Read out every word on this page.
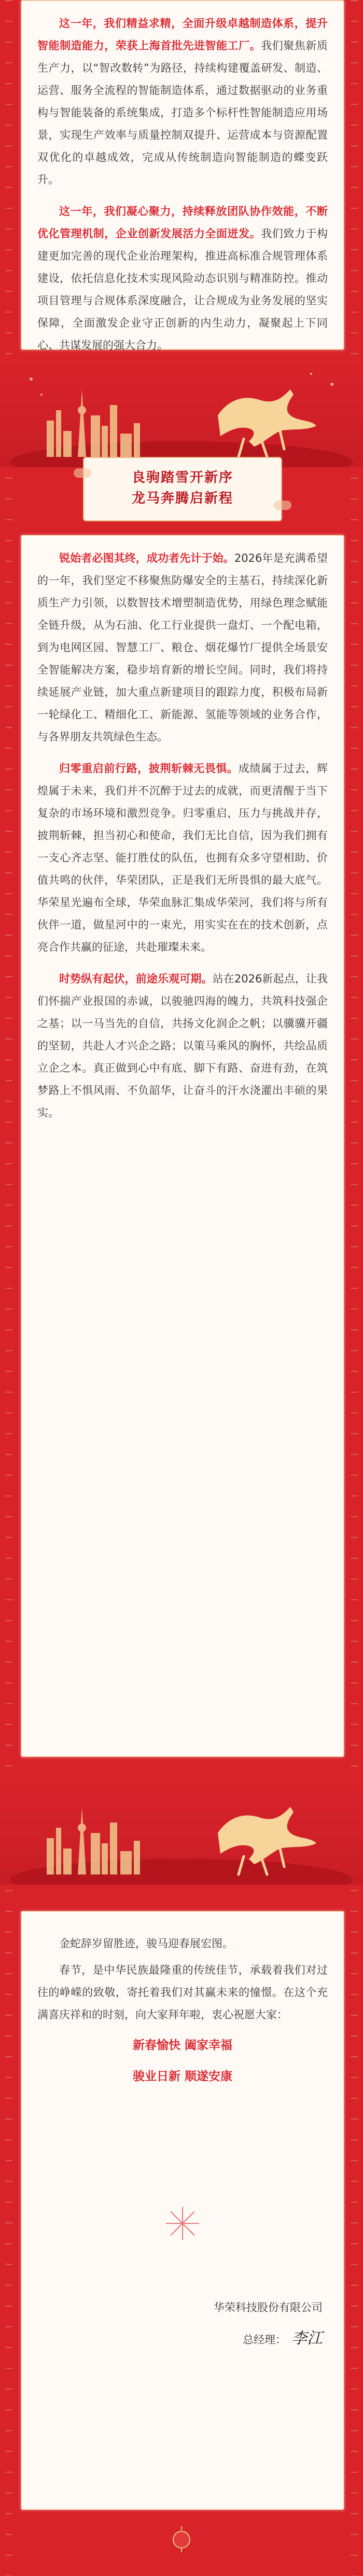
这一年，我们精益求精，全面升级卓越制造体系，提升智能制造能力，荣获上海首批先进智能工厂。我们聚焦新质生产力，以“智改数转”为路径，持续构建覆盖研发、制造、运营、服务全流程的智能制造体系，通过数据驱动的业务重构与智能装备的系统集成，打造多个标杆性智能制造应用场景，实现生产效率与质量控制双提升、运营成本与资源配置双优化的卓越成效，完成从传统制造向智能制造的蝶变跃升。

这一年，我们凝心聚力，持续释放团队协作效能，不断优化管理机制，企业创新发展活力全面迸发。我们致力于构建更加完善的现代企业治理架构，推进高标准合规管理体系建设，依托信息化技术实现风险动态识别与精准防控。推动项目管理与合规体系深度融合，让合规成为业务发展的坚实保障，全面激发企业守正创新的内生动力，凝聚起上下同心、共谋发展的强大合力。

良驹踏雪开新序
龙马奔腾启新程

锐始者必图其终，成功者先计于始。2026年是充满希望的一年，我们坚定不移聚焦防爆安全的主基石，持续深化新质生产力引领，以数智技术增塑制造优势，用绿色理念赋能全链升级，从为石油、化工行业提供一盘灯、一个配电箱，到为电网区园、智慧工厂、粮仓、烟花爆竹厂提供全场景安全智能解决方案，稳步培育新的增长空间。同时，我们将持续延展产业链，加大重点新建项目的跟踪力度，积极布局新一轮绿化工、精细化工、新能源、氢能等领域的业务合作，与各界朋友共筑绿色生态。

归零重启前行路，披荆斩棘无畏惧。成绩属于过去，辉煌属于未来，我们并不沉醉于过去的成就，而更清醒于当下复杂的市场环境和激烈竞争。归零重启，压力与挑战并存，披荆斩棘，担当初心和使命，我们无比自信，因为我们拥有一支心齐志坚、能打胜仗的队伍，也拥有众多守望相助、价值共鸣的伙伴，华荣团队，正是我们无所畏惧的最大底气。华荣星光遍布全球，华荣血脉汇集成华荣河，我们将与所有伙伴一道，做星河中的一束光，用实实在在的技术创新，点亮合作共赢的征途，共赴璀璨未来。

时势纵有起伏，前途乐观可期。站在2026新起点，让我们怀揣产业报国的赤诚，以骏驰四海的魄力，共筑科技强企之基；以一马当先的自信，共扬文化润企之帆；以骥骥开疆的坚韧，共赴人才兴企之路；以策马乘风的胸怀，共绘品质立企之本。真正做到心中有底、脚下有路、奋进有劲，在筑梦路上不惧风雨、不负韶华，让奋斗的汗水浇灌出丰硕的果实。

金蛇辞岁留胜迹，骏马迎春展宏图。

春节，是中华民族最隆重的传统佳节，承载着我们对过往的峥嵘的致敬，寄托着我们对其赢未来的憧憬。在这个充满喜庆祥和的时刻，向大家拜年啦，衷心祝愿大家：

新春愉快 阖家幸福
骏业日新 顺遂安康
华荣科技股份有限公司
总经理： 李江
